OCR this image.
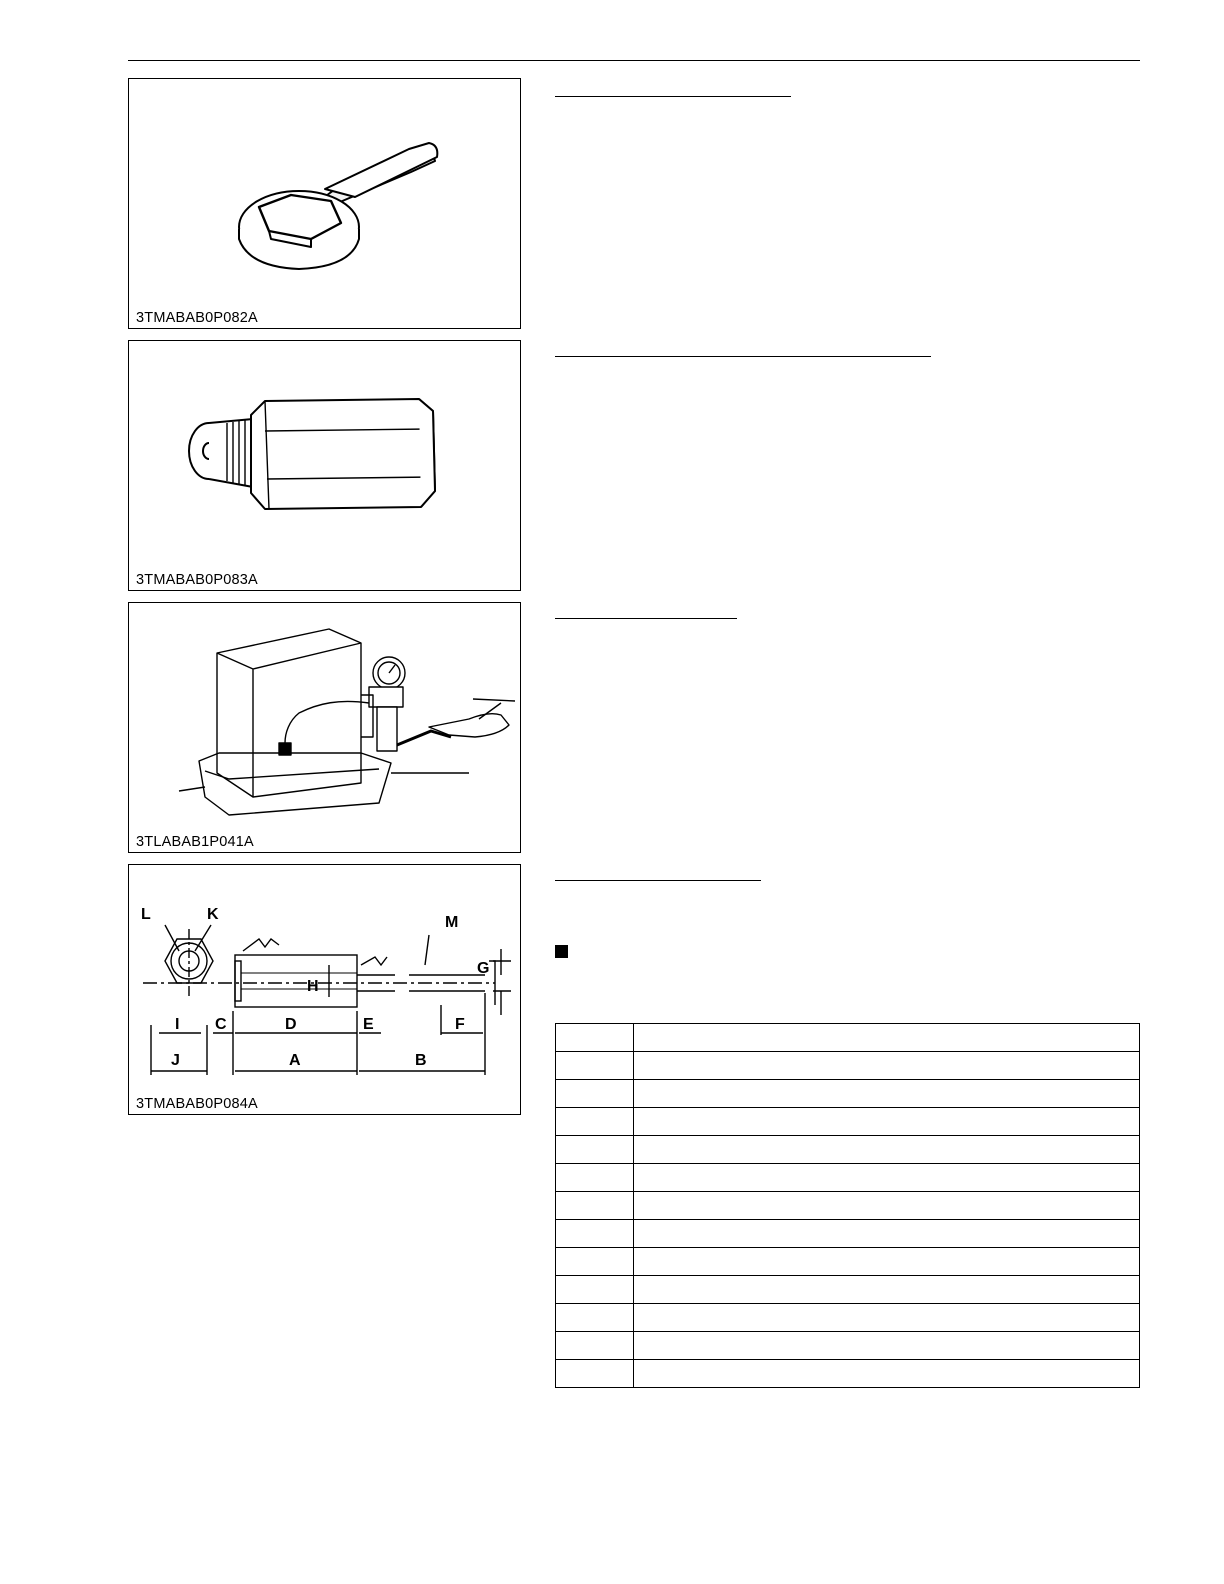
3TMABAB0P082A
3TMABAB0P083A
3TLABAB1P041A
L	K	M
G
H
I C	D	E	F
J	A	B
3TMABAB0P084A
